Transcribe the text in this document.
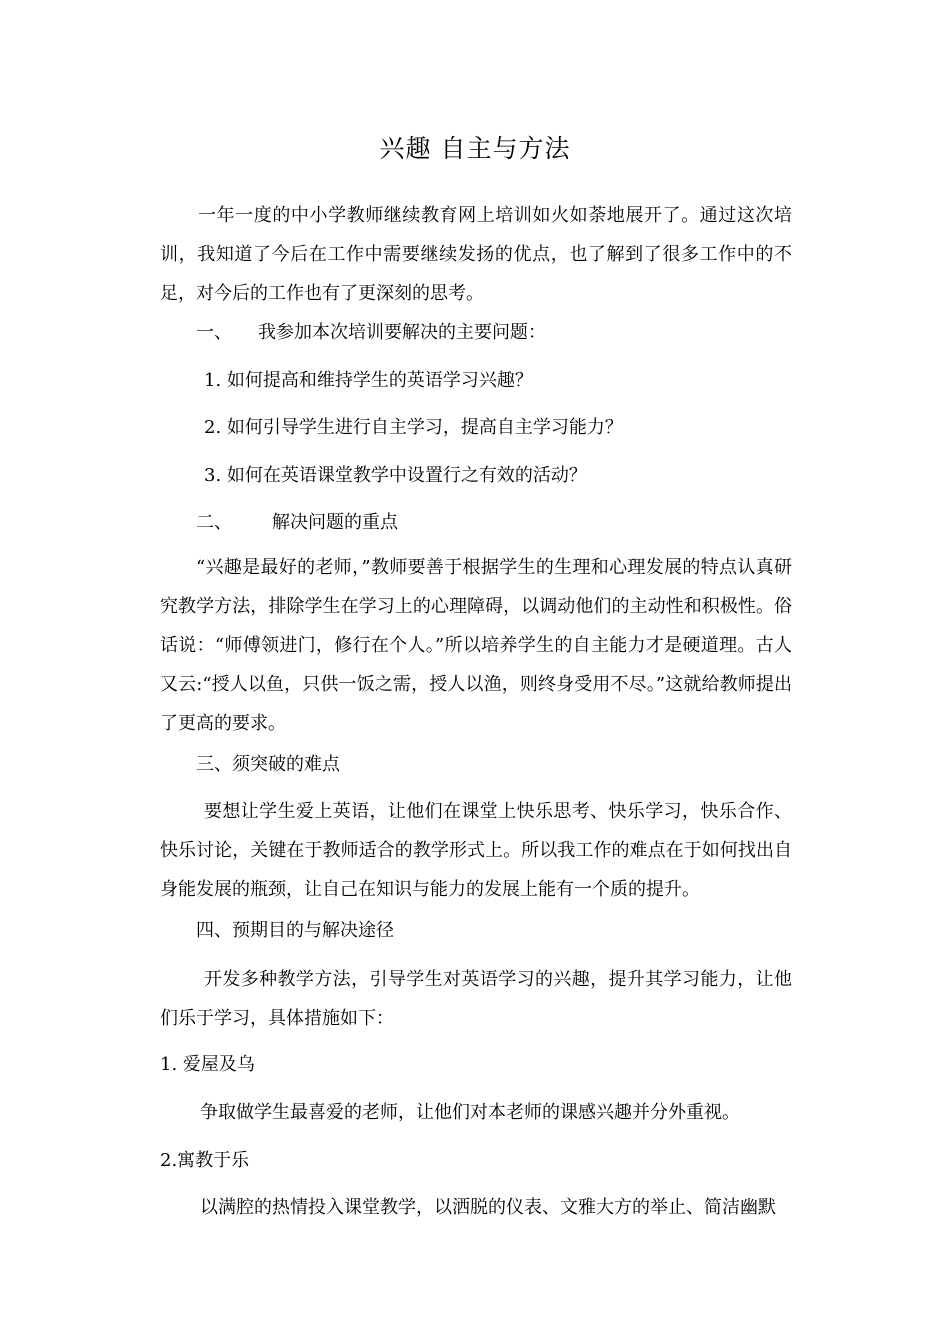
兴趣 自主与方法

一年一度的中小学教师继续教育网上培训如火如荼地展开了。通过这次培训，我知道了今后在工作中需要继续发扬的优点，也了解到了很多工作中的不足，对今后的工作也有了更深刻的思考。

一、 我参加本次培训要解决的主要问题：
1. 如何提高和维持学生的英语学习兴趣？
2. 如何引导学生进行自主学习，提高自主学习能力？
3. 如何在英语课堂教学中设置行之有效的活动？
二、 解决问题的重点

“兴趣是最好的老师，”教师要善于根据学生的生理和心理发展的特点认真研究教学方法，排除学生在学习上的心理障碍，以调动他们的主动性和积极性。俗话说：“师傅领进门，修行在个人。”所以培养学生的自主能力才是硬道理。古人又云:“授人以鱼，只供一饭之需，授人以渔，则终身受用不尽。”这就给教师提出了更高的要求。

三、须突破的难点

要想让学生爱上英语，让他们在课堂上快乐思考、快乐学习，快乐合作、快乐讨论，关键在于教师适合的教学形式上。所以我工作的难点在于如何找出自身能发展的瓶颈，让自己在知识与能力的发展上能有一个质的提升。

四、预期目的与解决途径

开发多种教学方法，引导学生对英语学习的兴趣，提升其学习能力，让他们乐于学习，具体措施如下：

1. 爱屋及乌
争取做学生最喜爱的老师，让他们对本老师的课感兴趣并分外重视。
2.寓教于乐
以满腔的热情投入课堂教学，以洒脱的仪表、文雅大方的举止、简洁幽默
